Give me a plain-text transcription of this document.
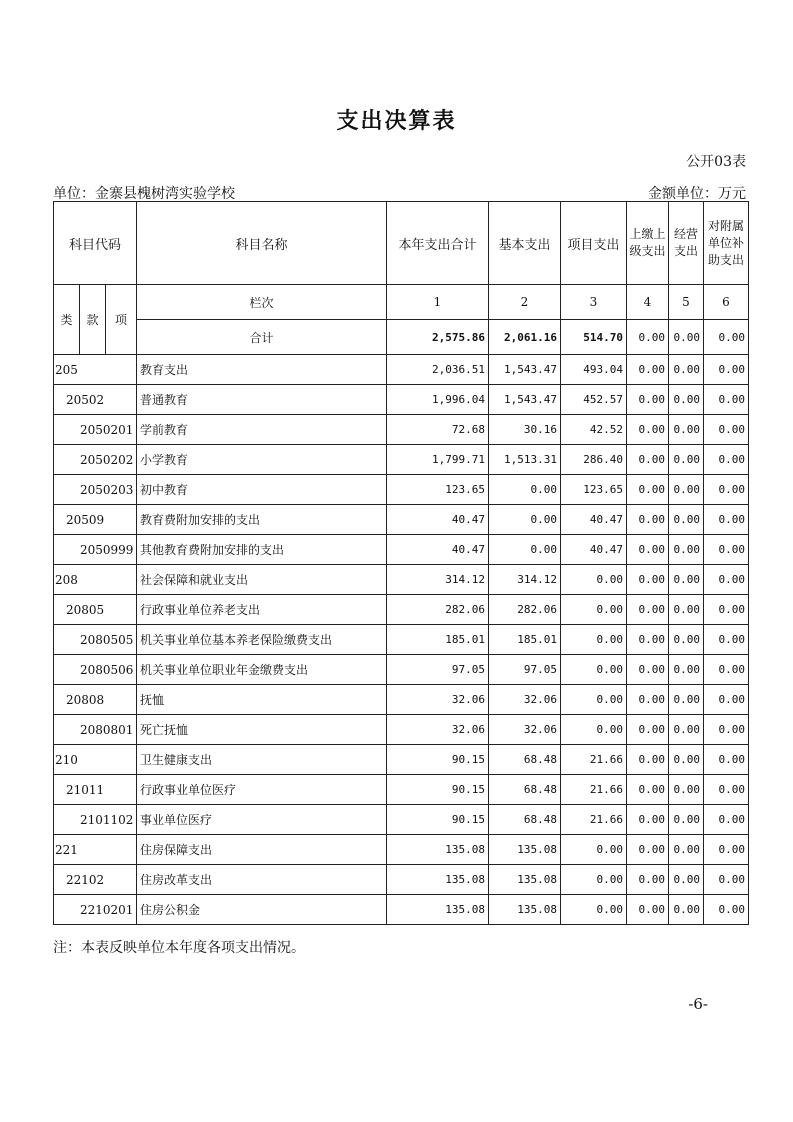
支出决算表
公开03表
单位：金寨县槐树湾实验学校	金额单位：万元
科目代码			科目名称	本年支出合计	基本支出	项目支出	上缴上级支出	经营支出	对附属单位补助支出
类	款	项	栏次	1	2	3	4	5	6
			合计	2,575.86	2,061.16	514.70	0.00	0.00	0.00
205			教育支出	2,036.51	1,543.47	493.04	0.00	0.00	0.00
20502			普通教育	1,996.04	1,543.47	452.57	0.00	0.00	0.00
2050201			学前教育	72.68	30.16	42.52	0.00	0.00	0.00
2050202			小学教育	1,799.71	1,513.31	286.40	0.00	0.00	0.00
2050203			初中教育	123.65	0.00	123.65	0.00	0.00	0.00
20509			教育费附加安排的支出	40.47	0.00	40.47	0.00	0.00	0.00
2050999			其他教育费附加安排的支出	40.47	0.00	40.47	0.00	0.00	0.00
208			社会保障和就业支出	314.12	314.12	0.00	0.00	0.00	0.00
20805			行政事业单位养老支出	282.06	282.06	0.00	0.00	0.00	0.00
2080505			机关事业单位基本养老保险缴费支出	185.01	185.01	0.00	0.00	0.00	0.00
2080506			机关事业单位职业年金缴费支出	97.05	97.05	0.00	0.00	0.00	0.00
20808			抚恤	32.06	32.06	0.00	0.00	0.00	0.00
2080801			死亡抚恤	32.06	32.06	0.00	0.00	0.00	0.00
210			卫生健康支出	90.15	68.48	21.66	0.00	0.00	0.00
21011			行政事业单位医疗	90.15	68.48	21.66	0.00	0.00	0.00
2101102			事业单位医疗	90.15	68.48	21.66	0.00	0.00	0.00
221			住房保障支出	135.08	135.08	0.00	0.00	0.00	0.00
22102			住房改革支出	135.08	135.08	0.00	0.00	0.00	0.00
2210201			住房公积金	135.08	135.08	0.00	0.00	0.00	0.00
注：本表反映单位本年度各项支出情况。
-6-
